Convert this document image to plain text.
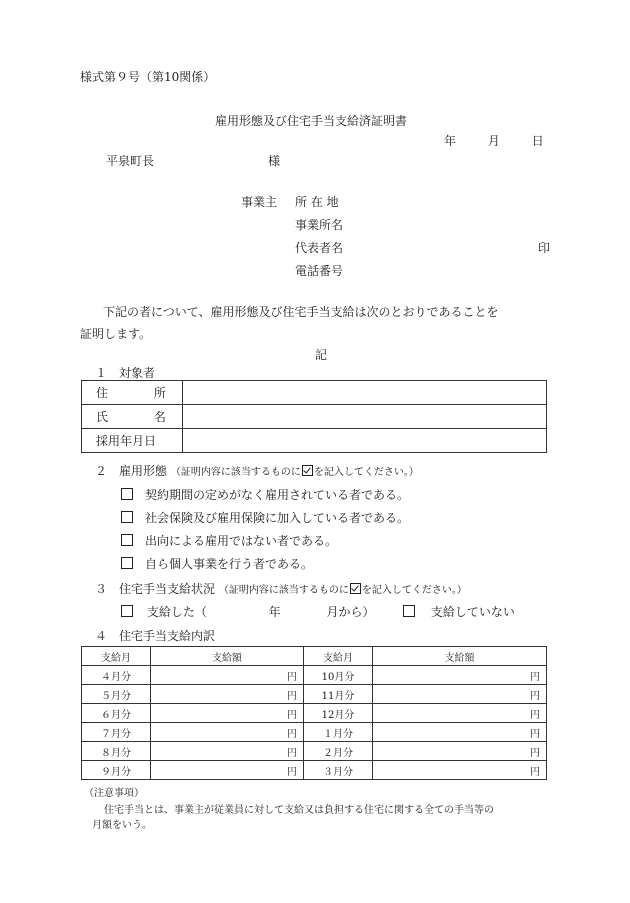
様式第９号（第10関係）
雇用形態及び住宅手当支給済証明書
年	月	日
平泉町長	様
事業主 所 在 地
事業所名
代表者名	印
電話番号
下記の者について、雇用形態及び住宅手当支給は次のとおりであることを
証明します。
記
１　対象者
住 所	
氏 名	
採用年月日	
２　雇用形態 （証明内容に該当するものに を記入してください。）
契約期間の定めがなく雇用されている者である。
社会保険及び雇用保険に加入している者である。
出向による雇用ではない者である。
自ら個人事業を行う者である。
３　住宅手当支給状況 （証明内容に該当するものに を記入してください。）
支給した（	年	月から）	支給していない
４　住宅手当支給内訳
支給月	支給額	支給月	支給額
４月分	円	10月分	円
５月分	円	11月分	円
６月分	円	12月分	円
７月分	円	１月分	円
８月分	円	２月分	円
９月分	円	３月分	円
（注意事項）
住宅手当とは、事業主が従業員に対して支給又は負担する住宅に関する全ての手当等の
月額をいう。
